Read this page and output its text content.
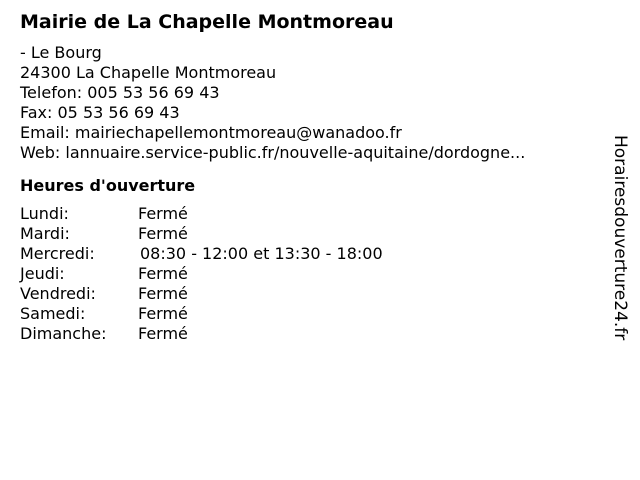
Mairie de La Chapelle Montmoreau
- Le Bourg
24300 La Chapelle Montmoreau
Telefon: 005 53 56 69 43
Fax: 05 53 56 69 43
Email: mairiechapellemontmoreau@wanadoo.fr
Web: lannuaire.service-public.fr/nouvelle-aquitaine/dordogne...
Heures d'ouverture
Lundi:	Fermé
Mardi:	Fermé
Mercredi:	08:30 - 12:00 et 13:30 - 18:00
Jeudi:	Fermé
Vendredi:	Fermé
Samedi:	Fermé
Dimanche: Fermé	Horairesdouverture24.fr
